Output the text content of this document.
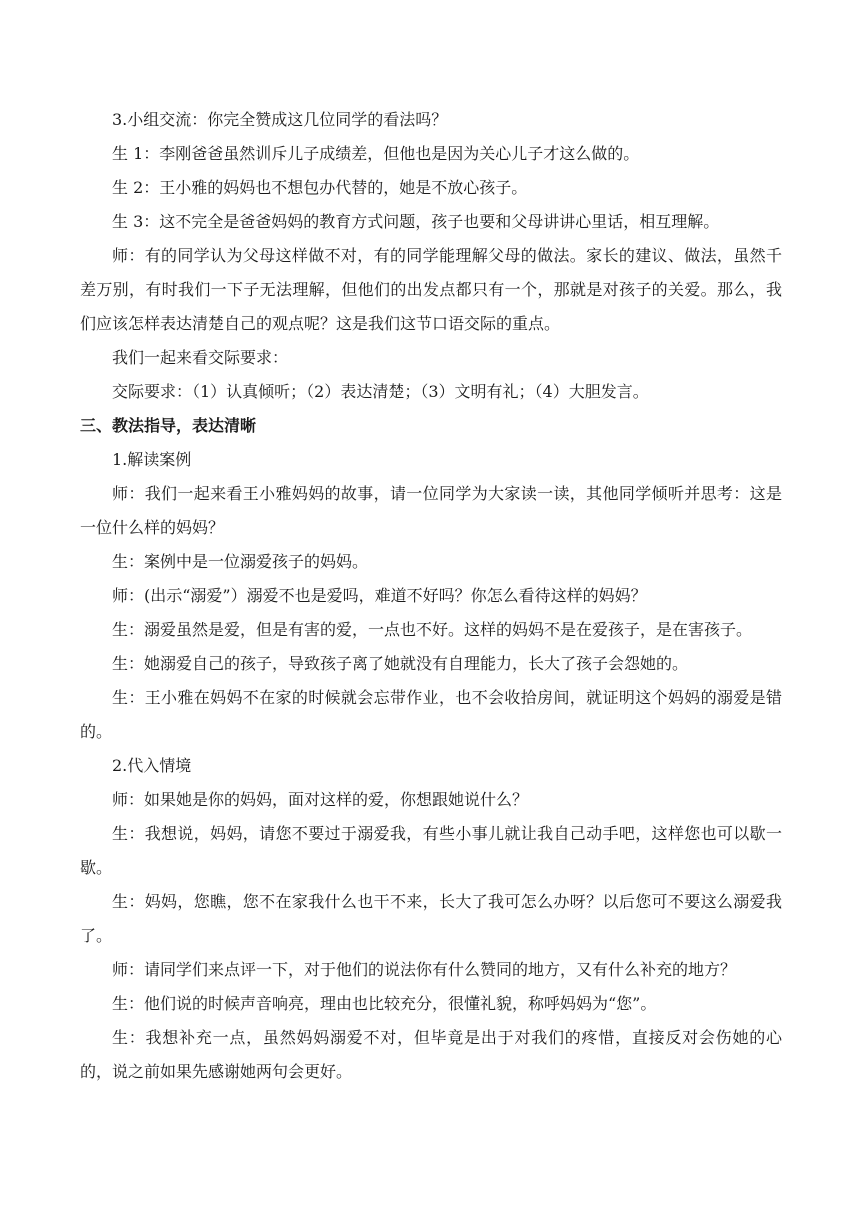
3.小组交流：你完全赞成这几位同学的看法吗？

生 1：李刚爸爸虽然训斥儿子成绩差，但他也是因为关心儿子才这么做的。

生 2：王小雅的妈妈也不想包办代替的，她是不放心孩子。

生 3：这不完全是爸爸妈妈的教育方式问题，孩子也要和父母讲讲心里话，相互理解。

师：有的同学认为父母这样做不对，有的同学能理解父母的做法。家长的建议、做法，虽然千差万别，有时我们一下子无法理解，但他们的出发点都只有一个，那就是对孩子的关爱。那么，我们应该怎样表达清楚自己的观点呢？这是我们这节口语交际的重点。

我们一起来看交际要求：

交际要求：（1）认真倾听；（2）表达清楚；（3）文明有礼；（4）大胆发言。

三、教法指导，表达清晰

1.解读案例

师：我们一起来看王小雅妈妈的故事，请一位同学为大家读一读，其他同学倾听并思考：这是一位什么样的妈妈？

生：案例中是一位溺爱孩子的妈妈。

师：(出示“溺爱”）溺爱不也是爱吗，难道不好吗？你怎么看待这样的妈妈？

生：溺爱虽然是爱，但是有害的爱，一点也不好。这样的妈妈不是在爱孩子，是在害孩子。

生：她溺爱自己的孩子，导致孩子离了她就没有自理能力，长大了孩子会怨她的。

生：王小雅在妈妈不在家的时候就会忘带作业，也不会收拾房间，就证明这个妈妈的溺爱是错的。

2.代入情境

师：如果她是你的妈妈，面对这样的爱，你想跟她说什么？

生：我想说，妈妈，请您不要过于溺爱我，有些小事儿就让我自己动手吧，这样您也可以歇一歇。

生：妈妈，您瞧，您不在家我什么也干不来，长大了我可怎么办呀？以后您可不要这么溺爱我了。

师：请同学们来点评一下，对于他们的说法你有什么赞同的地方，又有什么补充的地方？

生：他们说的时候声音响亮，理由也比较充分，很懂礼貌，称呼妈妈为“您”。

生：我想补充一点，虽然妈妈溺爱不对，但毕竟是出于对我们的疼惜，直接反对会伤她的心的，说之前如果先感谢她两句会更好。
